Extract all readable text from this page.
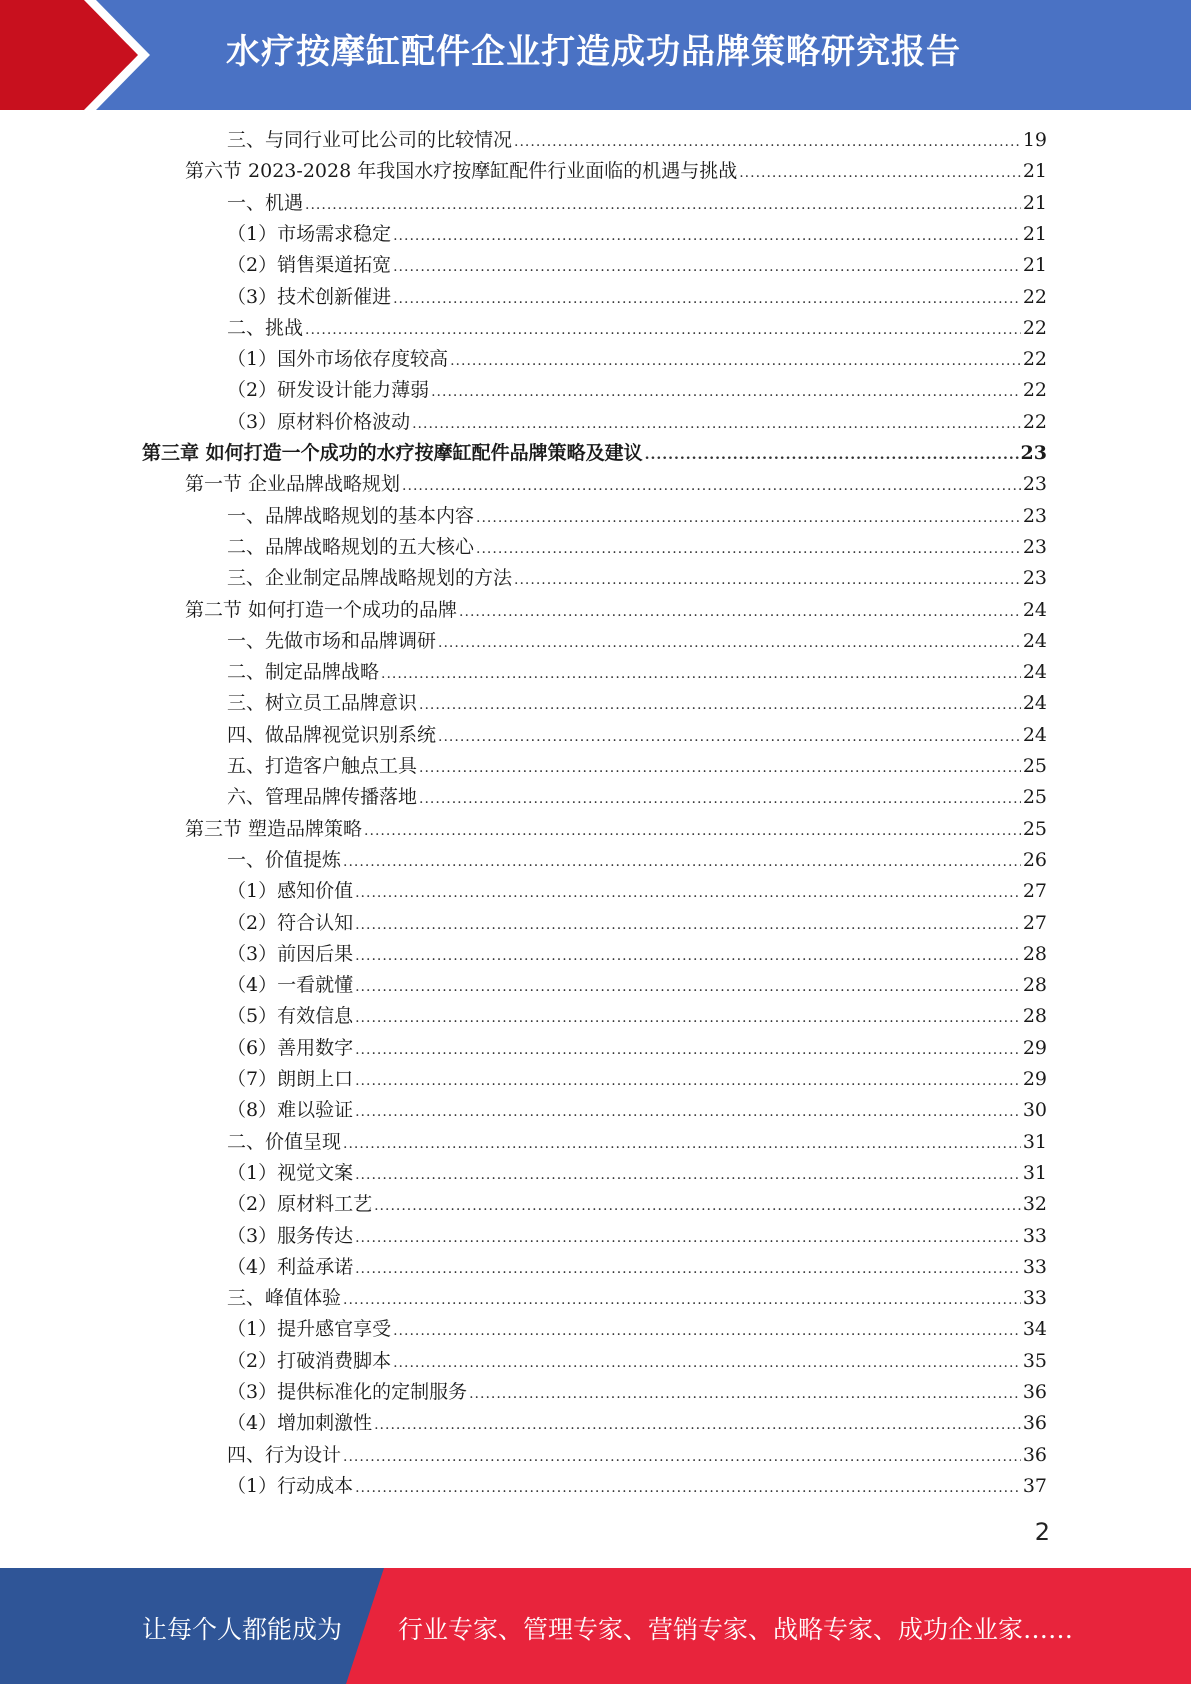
水疗按摩缸配件企业打造成功品牌策略研究报告
三、与同行业可比公司的比较情况 .....	19
第六节 2023-2028 年我国水疗按摩缸配件行业面临的机遇与挑战 .....	21
一、机遇 .....	21
（1）市场需求稳定 .....	21
（2）销售渠道拓宽 .....	21
（3）技术创新催进 .....	22
二、挑战 .....	22
（1）国外市场依存度较高 .....	22
（2）研发设计能力薄弱 .....	22
（3）原材料价格波动 .....	22
第三章 如何打造一个成功的水疗按摩缸配件品牌策略及建议 .....	23
第一节 企业品牌战略规划 .....	23
一、品牌战略规划的基本内容 .....	23
二、品牌战略规划的五大核心 .....	23
三、企业制定品牌战略规划的方法 .....	23
第二节 如何打造一个成功的品牌 .....	24
一、先做市场和品牌调研 .....	24
二、制定品牌战略 .....	24
三、树立员工品牌意识 .....	24
四、做品牌视觉识别系统 .....	24
五、打造客户触点工具 .....	25
六、管理品牌传播落地 .....	25
第三节 塑造品牌策略 .....	25
一、价值提炼 .....	26
（1）感知价值 .....	27
（2）符合认知 .....	27
（3）前因后果 .....	28
（4）一看就懂 .....	28
（5）有效信息 .....	28
（6）善用数字 .....	29
（7）朗朗上口 .....	29
（8）难以验证 .....	30
二、价值呈现 .....	31
（1）视觉文案 .....	31
（2）原材料工艺 .....	32
（3）服务传达 .....	33
（4）利益承诺 .....	33
三、峰值体验 .....	33
（1）提升感官享受 .....	34
（2）打破消费脚本 .....	35
（3）提供标准化的定制服务 .....	36
（4）增加刺激性 .....	36
四、行为设计 .....	36
（1）行动成本 .....	37
2
让每个人都能成为 行业专家、管理专家、营销专家、战略专家、成功企业家……
